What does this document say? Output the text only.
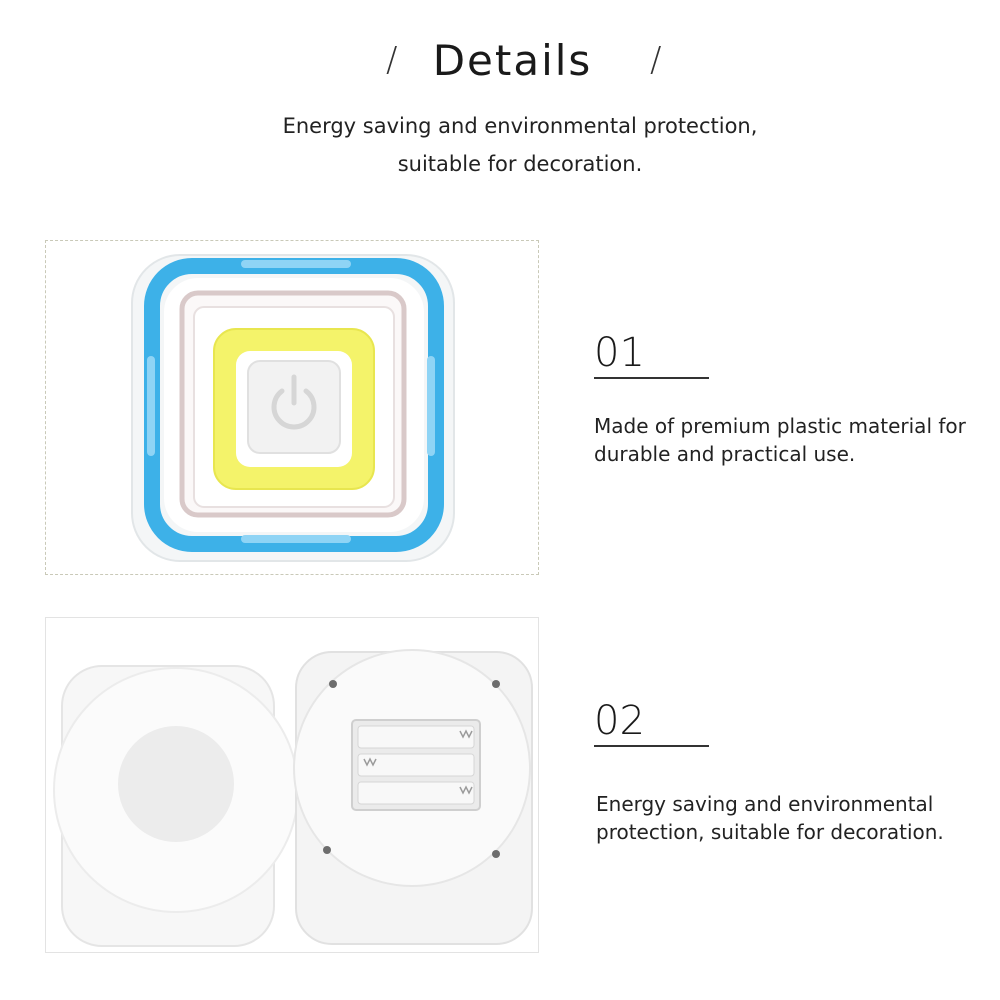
/ Details	/
Energy saving and environmental protection,
suitable for decoration.
01
Made of premium plastic material for durable and practical use.
02
Energy saving and environmental protection, suitable for decoration.
